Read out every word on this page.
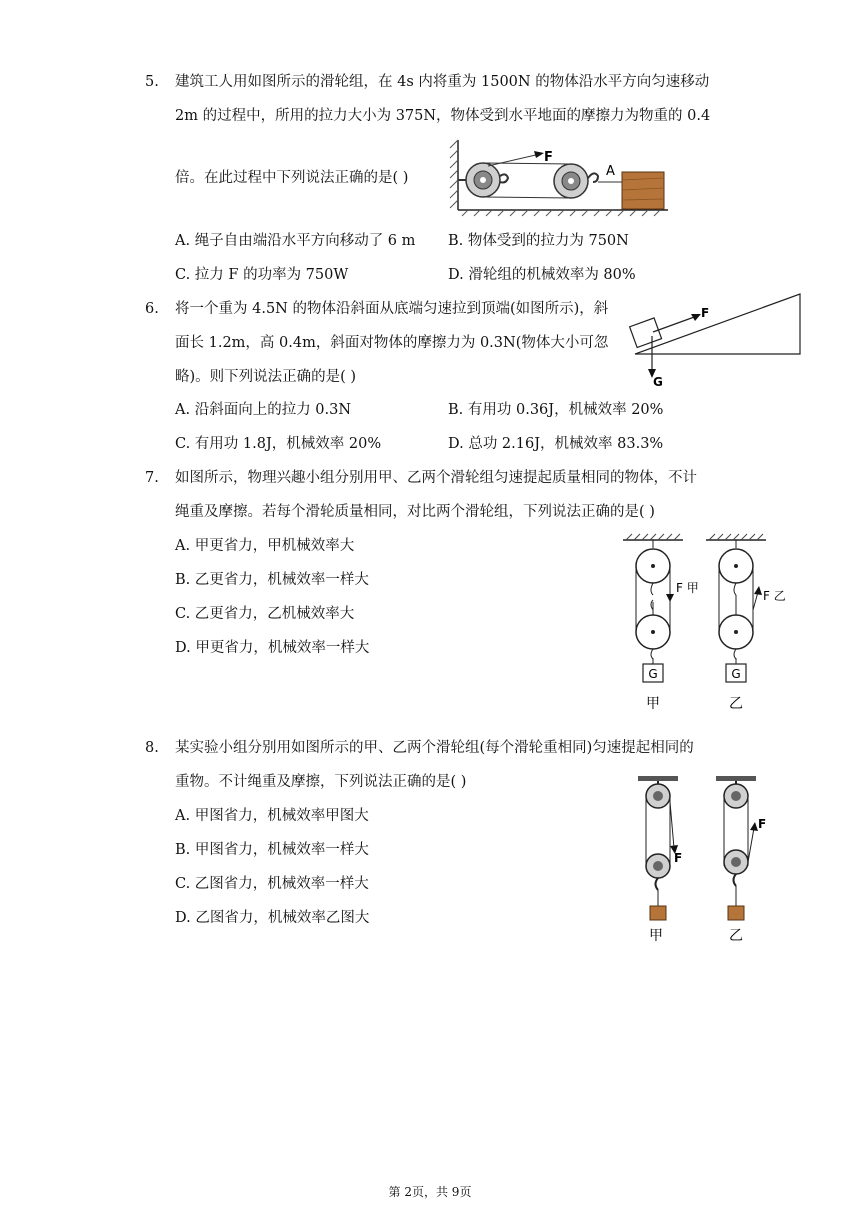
5. 建筑工人用如图所示的滑轮组，在 4s 内将重为 1500N 的物体沿水平方向匀速移动
2m 的过程中，所用的拉力大小为 375N，物体受到水平地面的摩擦力为物重的 0.4
倍。在此过程中下列说法正确的是( )
F
A
A. 绳子自由端沿水平方向移动了 6 m B. 物体受到的拉力为 750N
C. 拉力 F 的功率为 750W	D. 滑轮组的机械效率为 80%
6. 将一个重为 4.5N 的物体沿斜面从底端匀速拉到顶端(如图所示)，斜
面长 1.2m，高 0.4m，斜面对物体的摩擦力为 0.3N(物体大小可忽
略)。则下列说法正确的是( )
F
G
A. 沿斜面向上的拉力 0.3N	B. 有用功 0.36J，机械效率 20%
C. 有用功 1.8J，机械效率 20%	D. 总功 2.16J，机械效率 83.3%
7. 如图所示，物理兴趣小组分别用甲、乙两个滑轮组匀速提起质量相同的物体，不计
绳重及摩擦。若每个滑轮质量相同，对比两个滑轮组，下列说法正确的是( )
A. 甲更省力，甲机械效率大
B. 乙更省力，机械效率一样大
C. 乙更省力，乙机械效率大
D. 甲更省力，机械效率一样大
F 甲
G
甲
F 乙
G
乙
8. 某实验小组分别用如图所示的甲、乙两个滑轮组(每个滑轮重相同)匀速提起相同的
重物。不计绳重及摩擦，下列说法正确的是( )
A. 甲图省力，机械效率甲图大
B. 甲图省力，机械效率一样大
C. 乙图省力，机械效率一样大
D. 乙图省力，机械效率乙图大
F
甲
F
乙
第 2页，共 9页
